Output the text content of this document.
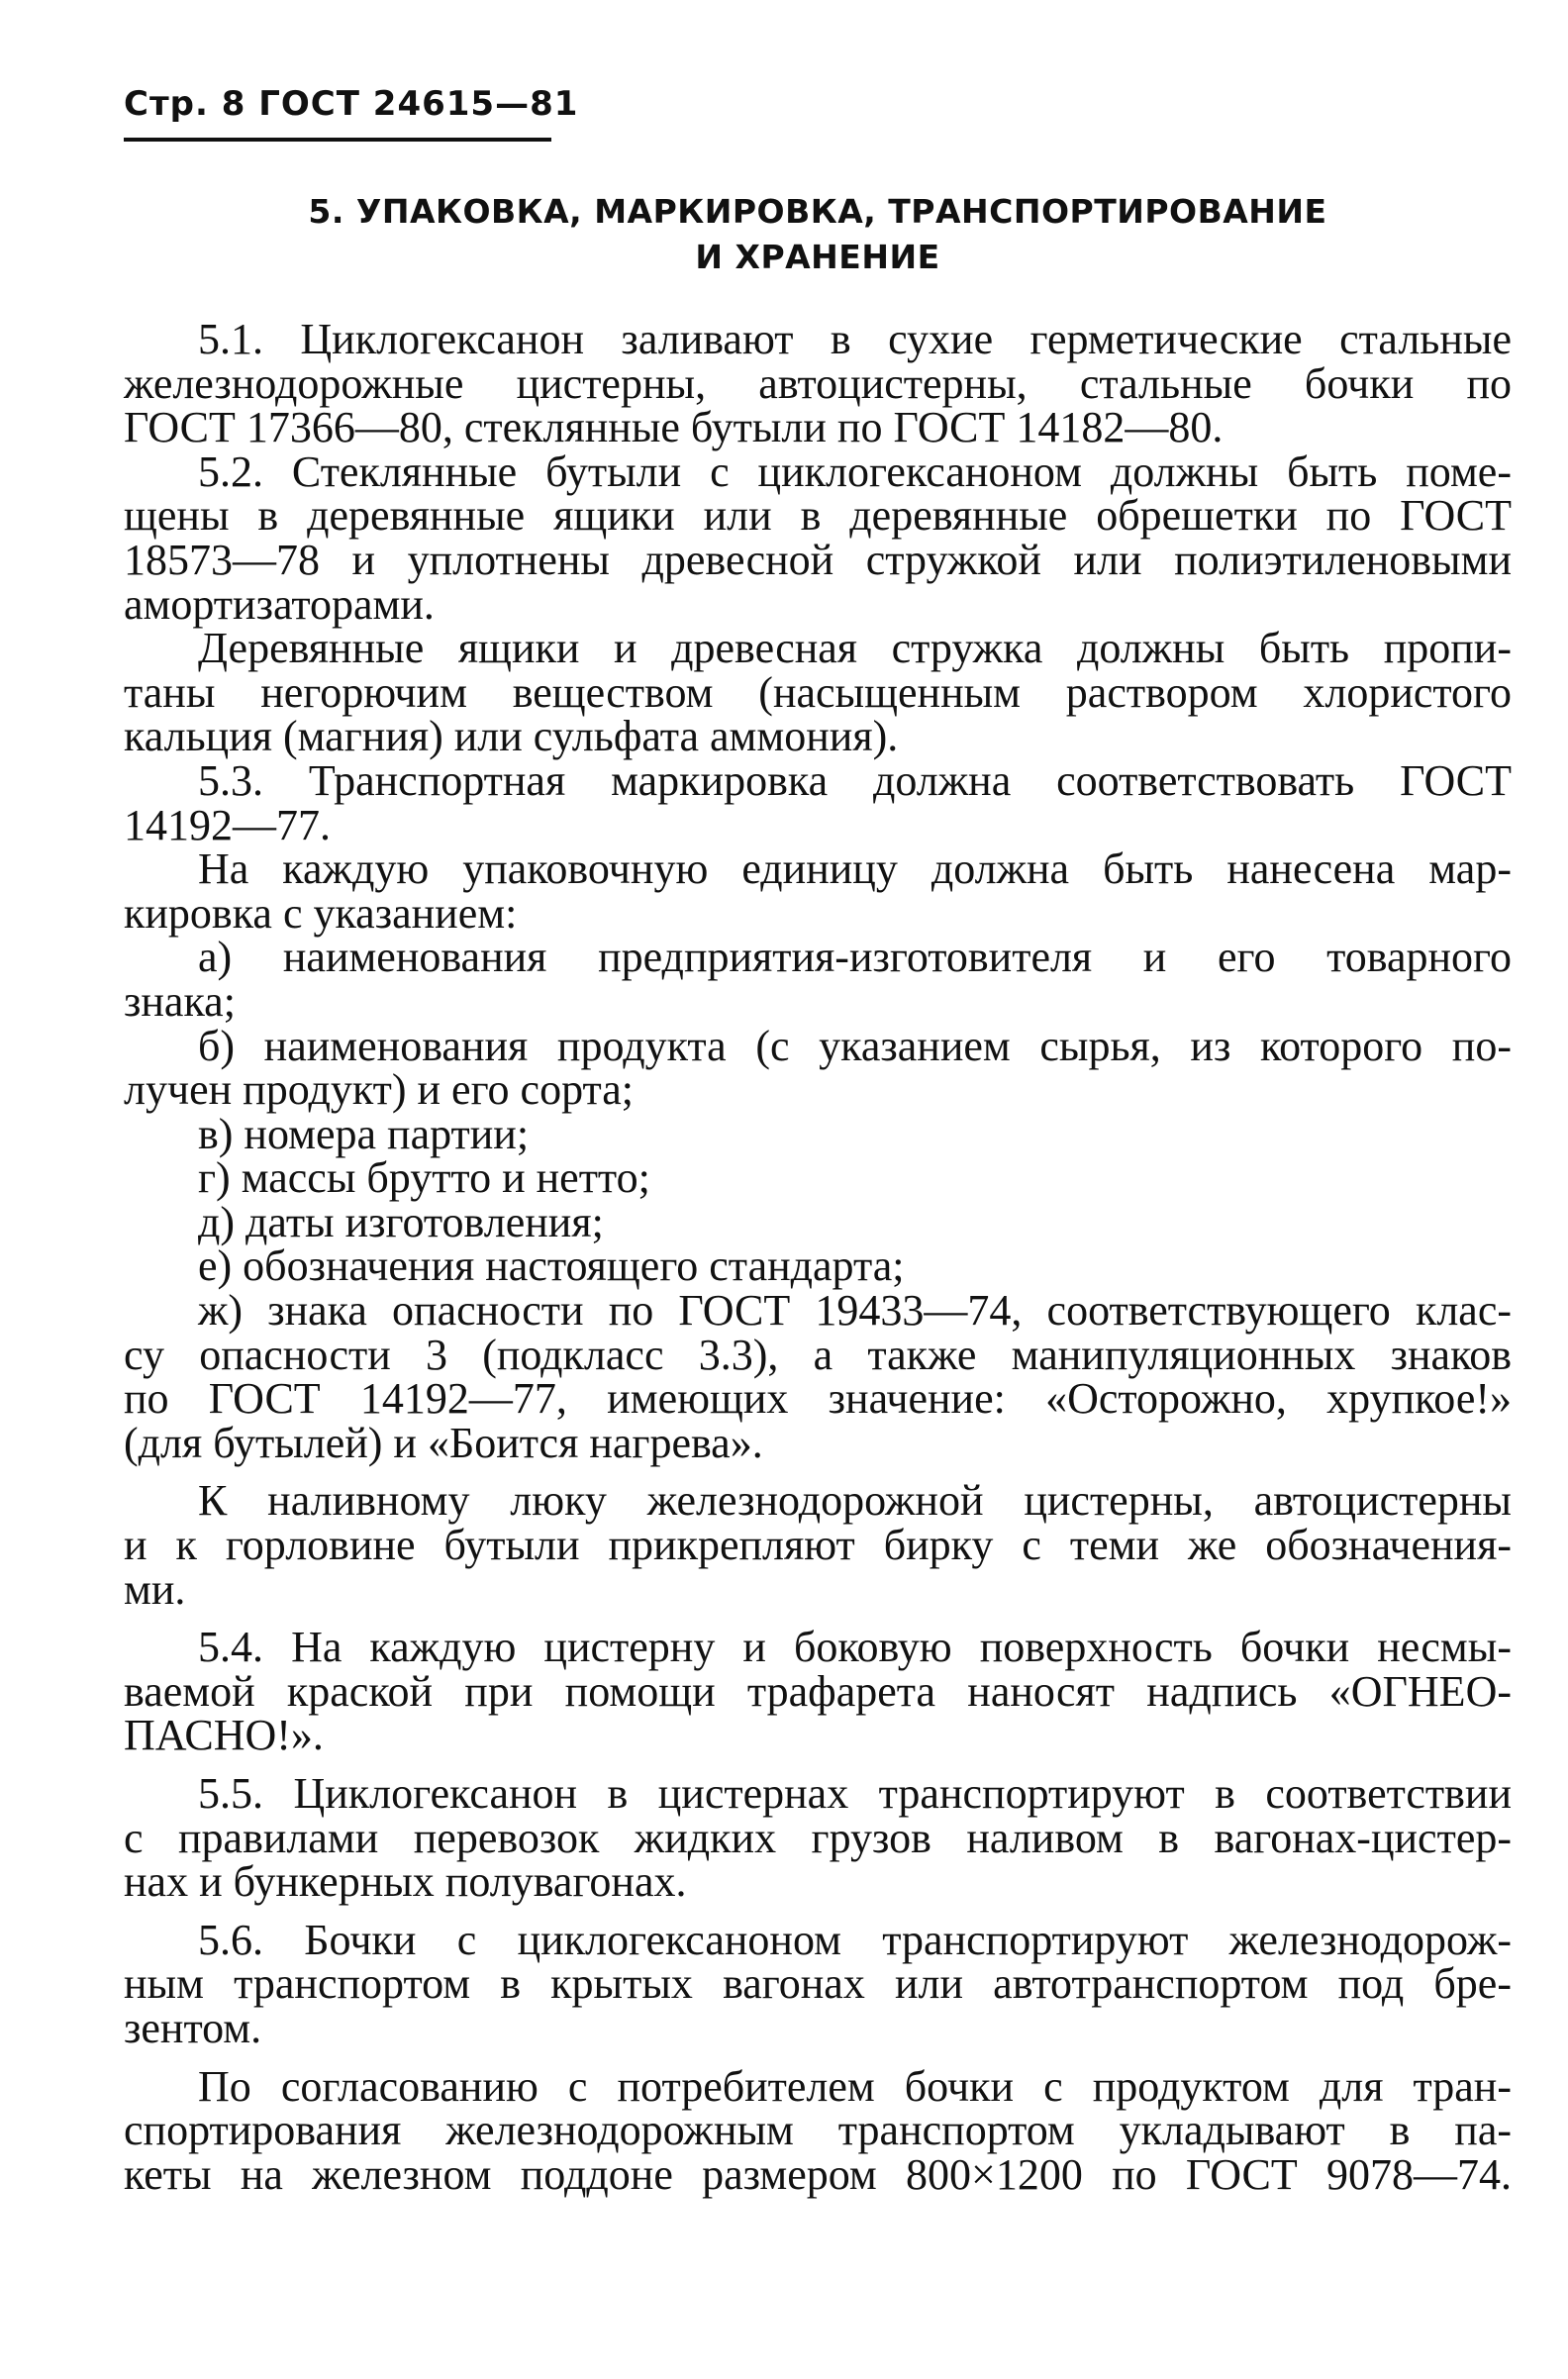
Стр. 8 ГОСТ 24615—81
5. УПАКОВКА, МАРКИРОВКА, ТРАНСПОРТИРОВАНИЕ
И ХРАНЕНИЕ
5.1. Циклогексанон заливают в сухие герметические стальные
железнодорожные цистерны, автоцистерны, стальные бочки по
ГОСТ 17366—80, стеклянные бутыли по ГОСТ 14182—80.
5.2. Стеклянные бутыли с циклогексаноном должны быть поме-
щены в деревянные ящики или в деревянные обрешетки по ГОСТ
18573—78 и уплотнены древесной стружкой или полиэтиленовыми
амортизаторами.
Деревянные ящики и древесная стружка должны быть пропи-
таны негорючим веществом (насыщенным раствором хлористого
кальция (магния) или сульфата аммония).
5.3. Транспортная маркировка должна соответствовать ГОСТ
14192—77.
На каждую упаковочную единицу должна быть нанесена мар-
кировка с указанием:
а) наименования предприятия-изготовителя и его товарного
знака;
б) наименования продукта (с указанием сырья, из которого по-
лучен продукт) и его сорта;
в) номера партии;
г) массы брутто и нетто;
д) даты изготовления;
е) обозначения настоящего стандарта;
ж) знака опасности по ГОСТ 19433—74, соответствующего клас-
су опасности 3 (подкласс 3.3), а также манипуляционных знаков
по ГОСТ 14192—77, имеющих значение: «Осторожно, хрупкое!»
(для бутылей) и «Боится нагрева».
К наливному люку железнодорожной цистерны, автоцистерны
и к горловине бутыли прикрепляют бирку с теми же обозначения-
ми.
5.4. На каждую цистерну и боковую поверхность бочки несмы-
ваемой краской при помощи трафарета наносят надпись «ОГНЕО-
ПАСНО!».
5.5. Циклогексанон в цистернах транспортируют в соответствии
с правилами перевозок жидких грузов наливом в вагонах-цистер-
нах и бункерных полувагонах.
5.6. Бочки с циклогексаноном транспортируют железнодорож-
ным транспортом в крытых вагонах или автотранспортом под бре-
зентом.
По согласованию с потребителем бочки с продуктом для тран-
спортирования железнодорожным транспортом укладывают в па-
кеты на железном поддоне размером 800×1200 по ГОСТ 9078—74.
